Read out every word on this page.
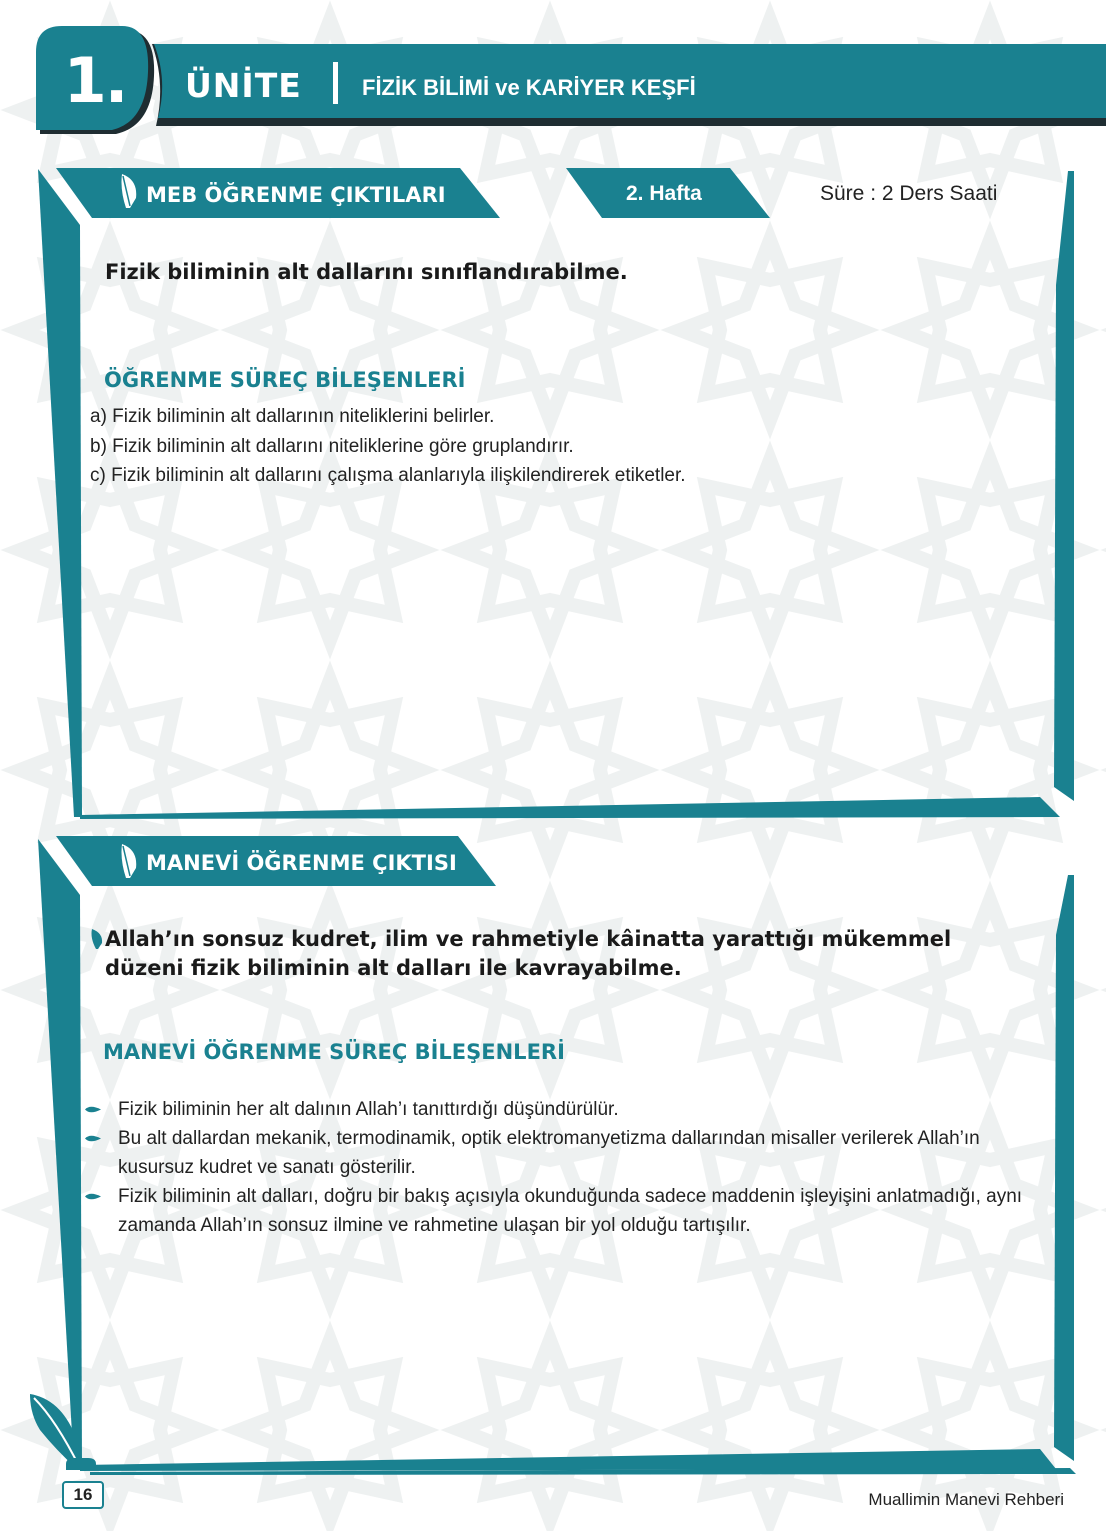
1.	ÜNİTE	FİZİK BİLİMİ ve KARİYER KEŞFİ
MEB ÖĞRENME ÇIKTILARI	2. Hafta	Süre : 2 Ders Saati
Fizik biliminin alt dallarını sınıflandırabilme.
ÖĞRENME SÜREÇ BİLEŞENLERİ
a) Fizik biliminin alt dallarının niteliklerini belirler.
b) Fizik biliminin alt dallarını niteliklerine göre gruplandırır.
c) Fizik biliminin alt dallarını çalışma alanlarıyla ilişkilendirerek etiketler.
MANEVİ ÖĞRENME ÇIKTISI
Allah’ın sonsuz kudret, ilim ve rahmetiyle kâinatta yarattığı mükemmel
düzeni fizik biliminin alt dalları ile kavrayabilme.
MANEVİ ÖĞRENME SÜREÇ BİLEŞENLERİ
Fizik biliminin her alt dalının Allah’ı tanıttırdığı düşündürülür.
Bu alt dallardan mekanik, termodinamik, optik elektromanyetizma dallarından misaller verilerek Allah’ın kusursuz kudret ve sanatı gösterilir.
Fizik biliminin alt dalları, doğru bir bakış açısıyla okunduğunda sadece maddenin işleyişini anlatmadığı, aynı zamanda Allah’ın sonsuz ilmine ve rahmetine ulaşan bir yol olduğu tartışılır.
16	Muallimin Manevi Rehberi
